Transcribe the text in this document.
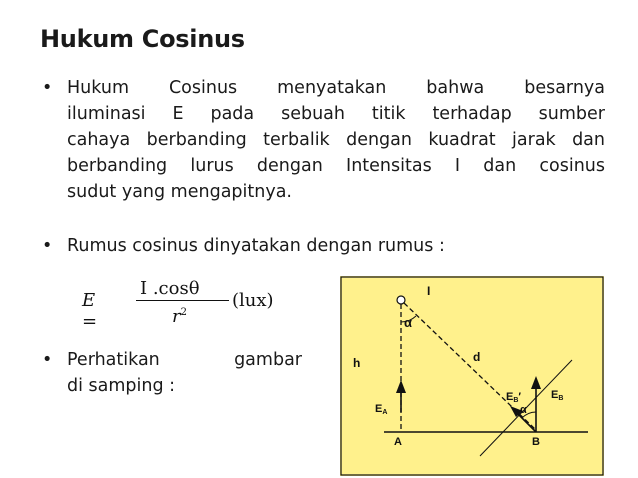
Hukum Cosinus
• Hukum Cosinus menyatakan bahwa besarnya
iluminasi E pada sebuah titik terhadap sumber
cahaya berbanding terbalik dengan kuadrat jarak dan
berbanding lurus dengan Intensitas I dan cosinus
sudut yang mengapitnya.
• Rumus cosinus dinyatakan dengan rumus :
E =
I .cosθ
$r^2$
(lux)
• Perhatikan	gambar
di samping :
I
α
d
h
EA
EB′
α
EB
A	B
